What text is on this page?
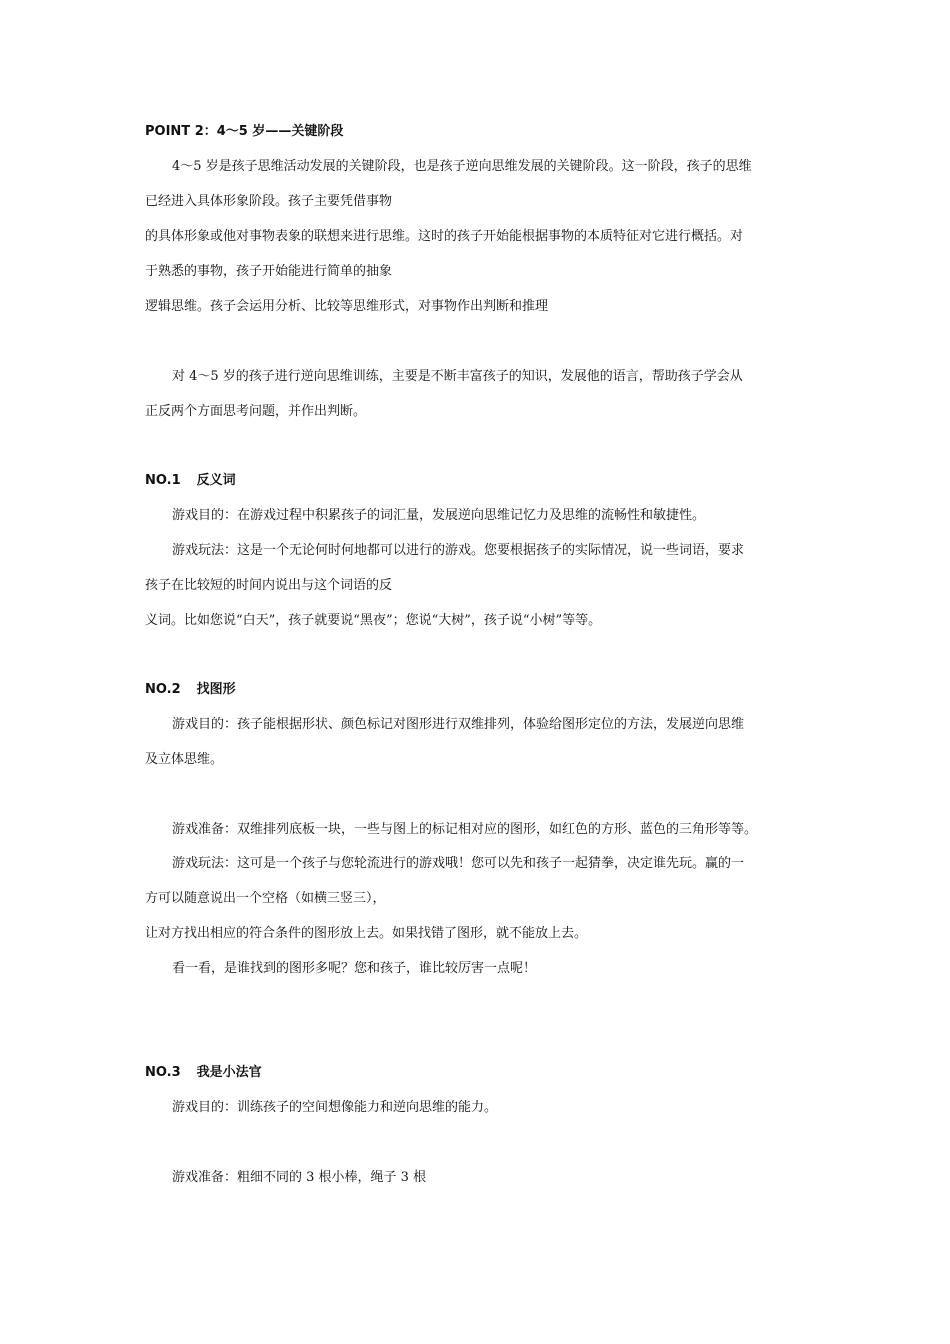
POINT 2：4～5 岁——关键阶段
4～5 岁是孩子思维活动发展的关键阶段，也是孩子逆向思维发展的关键阶段。这一阶段，孩子的思维
已经进入具体形象阶段。孩子主要凭借事物
的具体形象或他对事物表象的联想来进行思维。这时的孩子开始能根据事物的本质特征对它进行概括。对
于熟悉的事物，孩子开始能进行简单的抽象
逻辑思维。孩子会运用分析、比较等思维形式，对事物作出判断和推理
对 4～5 岁的孩子进行逆向思维训练，主要是不断丰富孩子的知识，发展他的语言，帮助孩子学会从
正反两个方面思考问题，并作出判断。
NO.1 反义词
游戏目的：在游戏过程中积累孩子的词汇量，发展逆向思维记忆力及思维的流畅性和敏捷性。
游戏玩法：这是一个无论何时何地都可以进行的游戏。您要根据孩子的实际情况，说一些词语，要求
孩子在比较短的时间内说出与这个词语的反
义词。比如您说“白天”，孩子就要说“黑夜”；您说“大树”，孩子说“小树”等等。
NO.2 找图形
游戏目的：孩子能根据形状、颜色标记对图形进行双维排列，体验给图形定位的方法，发展逆向思维
及立体思维。
游戏准备：双维排列底板一块，一些与图上的标记相对应的图形，如红色的方形、蓝色的三角形等等。
游戏玩法：这可是一个孩子与您轮流进行的游戏哦！您可以先和孩子一起猜拳，决定谁先玩。赢的一
方可以随意说出一个空格（如横三竖三），
让对方找出相应的符合条件的图形放上去。如果找错了图形，就不能放上去。
看一看，是谁找到的图形多呢？您和孩子，谁比较厉害一点呢！
NO.3 我是小法官
游戏目的：训练孩子的空间想像能力和逆向思维的能力。
游戏准备：粗细不同的 3 根小棒，绳子 3 根
